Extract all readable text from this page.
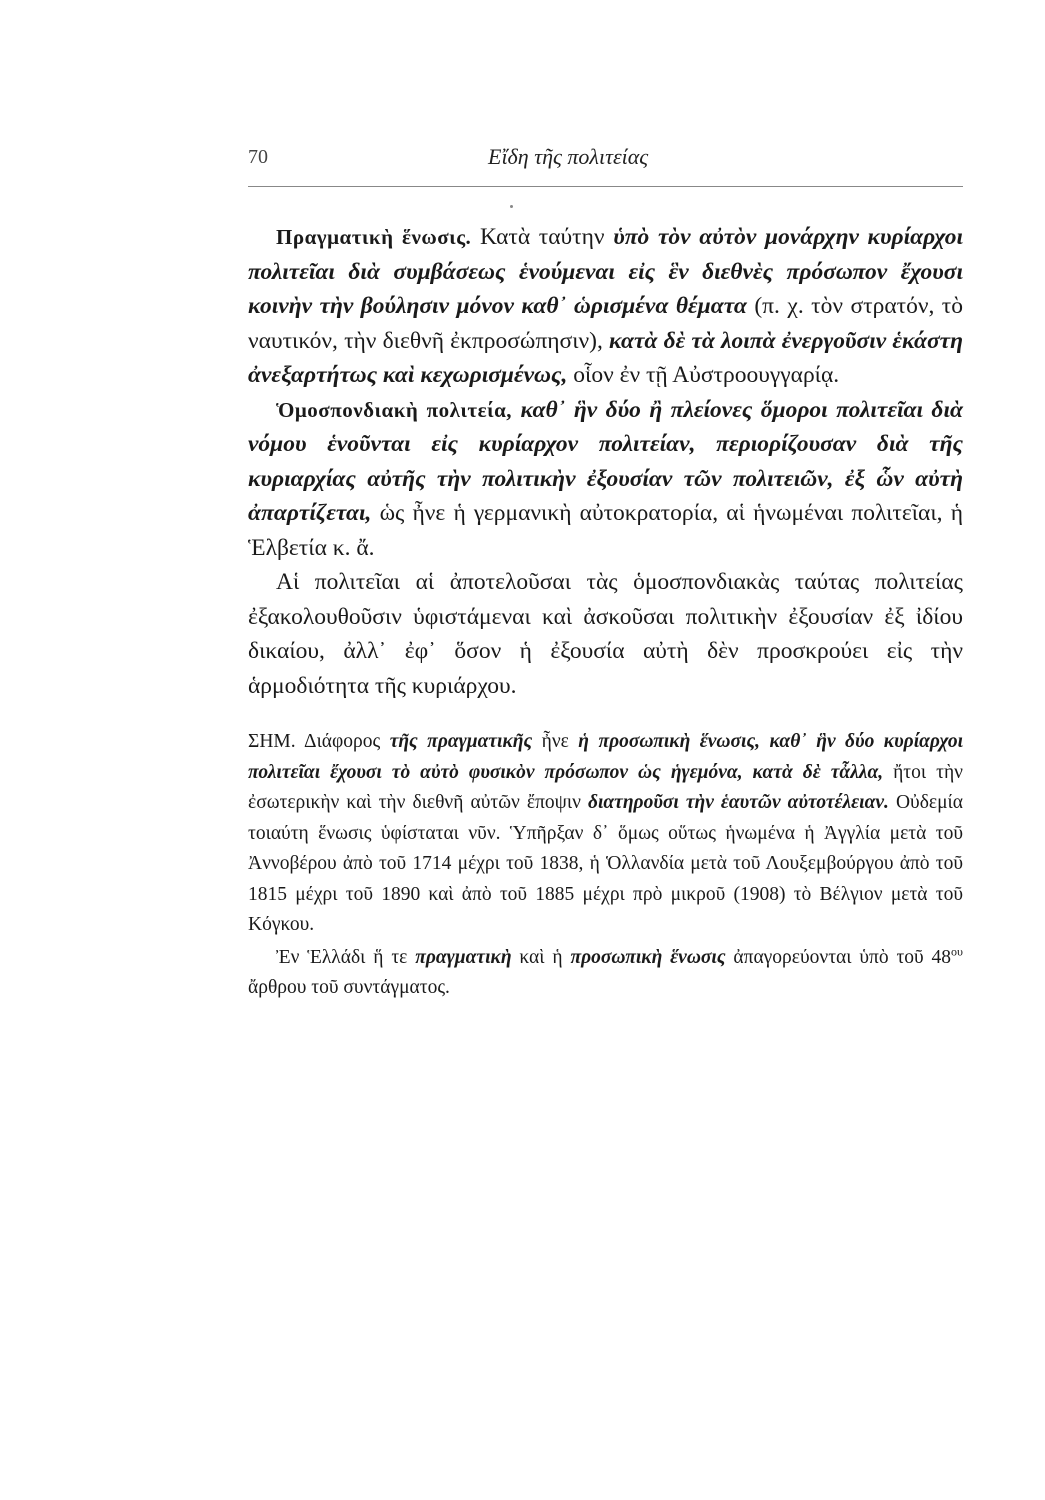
70	Εἴδη τῆς πολιτείας

Πραγματικὴ ἕνωσις. Κατὰ ταύτην ὑπὸ τὸν αὐτὸν μονάρχην κυρίαρχοι πολιτεῖαι διὰ συμβάσεως ἑνούμεναι εἰς ἓν διεθνὲς πρόσωπον ἔχουσι κοινὴν τὴν βούλησιν μόνον καθ᾿ ὡρισμένα θέματα (π. χ. τὸν στρατόν, τὸ ναυτικόν, τὴν διεθνῆ ἐκπροσώπησιν), κατὰ δὲ τὰ λοιπὰ ἐνεργοῦσιν ἑκάστη ἀνεξαρτήτως καὶ κεχωρισμένως, οἷον ἐν τῇ Αὐστροουγγαρίᾳ.

Ὁμοσπονδιακὴ πολιτεία, καθ᾿ ἣν δύο ἢ πλείονες ὅμοροι πολιτεῖαι διὰ νόμου ἑνοῦνται εἰς κυρίαρχον πολιτείαν, περιορίζουσαν διὰ τῆς κυριαρχίας αὐτῆς τὴν πολιτικὴν ἐξουσίαν τῶν πολιτειῶν, ἐξ ὧν αὐτὴ ἀπαρτίζεται, ὡς ἦνε ἡ γερμανικὴ αὐτοκρατορία, αἱ ἡνωμέναι πολιτεῖαι, ἡ Ἑλβετία κ. ἄ.

Αἱ πολιτεῖαι αἱ ἀποτελοῦσαι τὰς ὁμοσπονδιακὰς ταύτας πολιτείας ἐξακολουθοῦσιν ὑφιστάμεναι καὶ ἀσκοῦσαι πολιτικὴν ἐξουσίαν ἐξ ἰδίου δικαίου, ἀλλ᾿ ἐφ᾿ ὅσον ἡ ἐξουσία αὐτὴ δὲν προσκρούει εἰς τὴν ἁρμοδιότητα τῆς κυριάρχου.

ΣΗΜ. Διάφορος τῆς πραγματικῆς ἦνε ἡ προσωπικὴ ἕνωσις, καθ᾿ ἣν δύο κυρίαρχοι πολιτεῖαι ἔχουσι τὸ αὐτὸ φυσικὸν πρόσωπον ὡς ἡγεμόνα, κατὰ δὲ τἆλλα, ἤτοι τὴν ἐσωτερικὴν καὶ τὴν διεθνῆ αὐτῶν ἔποψιν διατηροῦσι τὴν ἑαυτῶν αὐτοτέλειαν. Οὐδεμία τοιαύτη ἕνωσις ὑφίσταται νῦν. Ὑπῆρξαν δ᾿ ὅμως οὕτως ἡνωμένα ἡ Ἀγγλία μετὰ τοῦ Ἀννοβέρου ἀπὸ τοῦ 1714 μέχρι τοῦ 1838, ἡ Ὁλλανδία μετὰ τοῦ Λουξεμβούργου ἀπὸ τοῦ 1815 μέχρι τοῦ 1890 καὶ ἀπὸ τοῦ 1885 μέχρι πρὸ μικροῦ (1908) τὸ Βέλγιον μετὰ τοῦ Κόγκου.

Ἐν Ἑλλάδι ἥ τε πραγματικὴ καὶ ἡ προσωπικὴ ἕνωσις ἀπαγορεύονται ὑπὸ τοῦ $48^{o\upsilon}$ ἄρθρου τοῦ συντάγματος.
